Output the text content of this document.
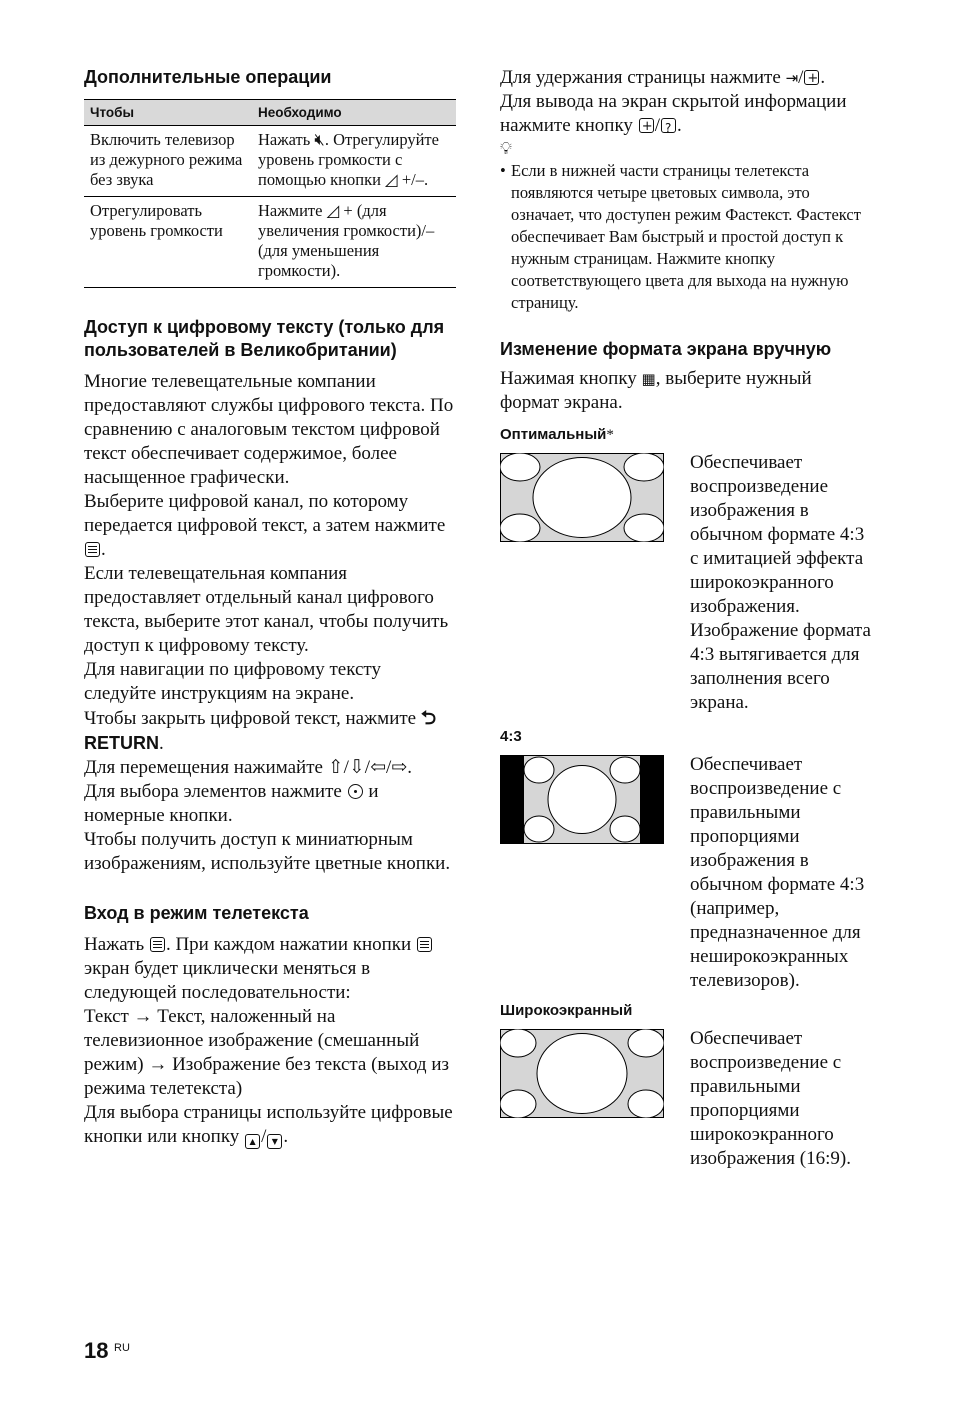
Дополнительные операции
Чтобы	Необходимо
Включить телевизор из дежурного режима без звука	Нажать 🔇︎. Отрегулируйте уровень громкости с помощью кнопки ◿ +/–.
Отрегулировать уровень громкости	Нажмите ◿ + (для увеличения громкости)/– (для уменьшения громкости).
Доступ к цифровому тексту (только для пользователей в Великобритании)

Многие телевещательные компании предоставляют службы цифрового текста. По сравнению с аналоговым текстом цифровой текст обеспечивает содержимое, более насыщенное графически.

Выберите цифровой канал, по которому передается цифровой текст, а затем нажмите .

Если телевещательная компания предоставляет отдельный канал цифрового текста, выберите этот канал, чтобы получить доступ к цифровому тексту.

Для навигации по цифровому тексту следуйте инструкциям на экране.

Чтобы закрыть цифровой текст, нажмите ⮌ RETURN.

Для перемещения нажимайте ⇧/⇩/⇦/⇨.

Для выбора элементов нажмите  и номерные кнопки.

Чтобы получить доступ к миниатюрным изображениям, используйте цветные кнопки.

Вход в режим телетекста

Нажать . При каждом нажатии кнопки  экран будет циклически меняться в следующей последовательности:

Текст → Текст, наложенный на телевизионное изображение (смешанный режим) → Изображение без текста (выход из режима телетекста)

Для выбора страницы используйте цифровые кнопки или кнопку ▲ / ▼ .

Для удержания страницы нажмите ⇥/ + .

Для вывода на экран скрытой информации нажмите кнопку +/ ? .

💡︎

• Если в нижней части страницы телетекста появляются четыре цветовых символа, это означает, что доступен режим Фастекст. Фастекст обеспечивает Вам быстрый и простой доступ к нужным страницам. Нажмите кнопку соответствующего цвета для выхода на нужную страницу.

Изменение формата экрана вручную

Нажимая кнопку ▦, выберите нужный формат экрана.

Оптимальный*

Обеспечивает воспроизведение изображения в обычном формате 4:3 с имитацией эффекта широкоэкранного изображения. Изображение формата 4:3 вытягивается для заполнения всего экрана.

4:3

Обеспечивает воспроизведение с правильными пропорциями изображения в обычном формате 4:3 (например, предназначенное для неширокоэкранных телевизоров).

Широкоэкранный

Обеспечивает воспроизведение с правильными пропорциями широкоэкранного изображения (16:9).

18 RU
